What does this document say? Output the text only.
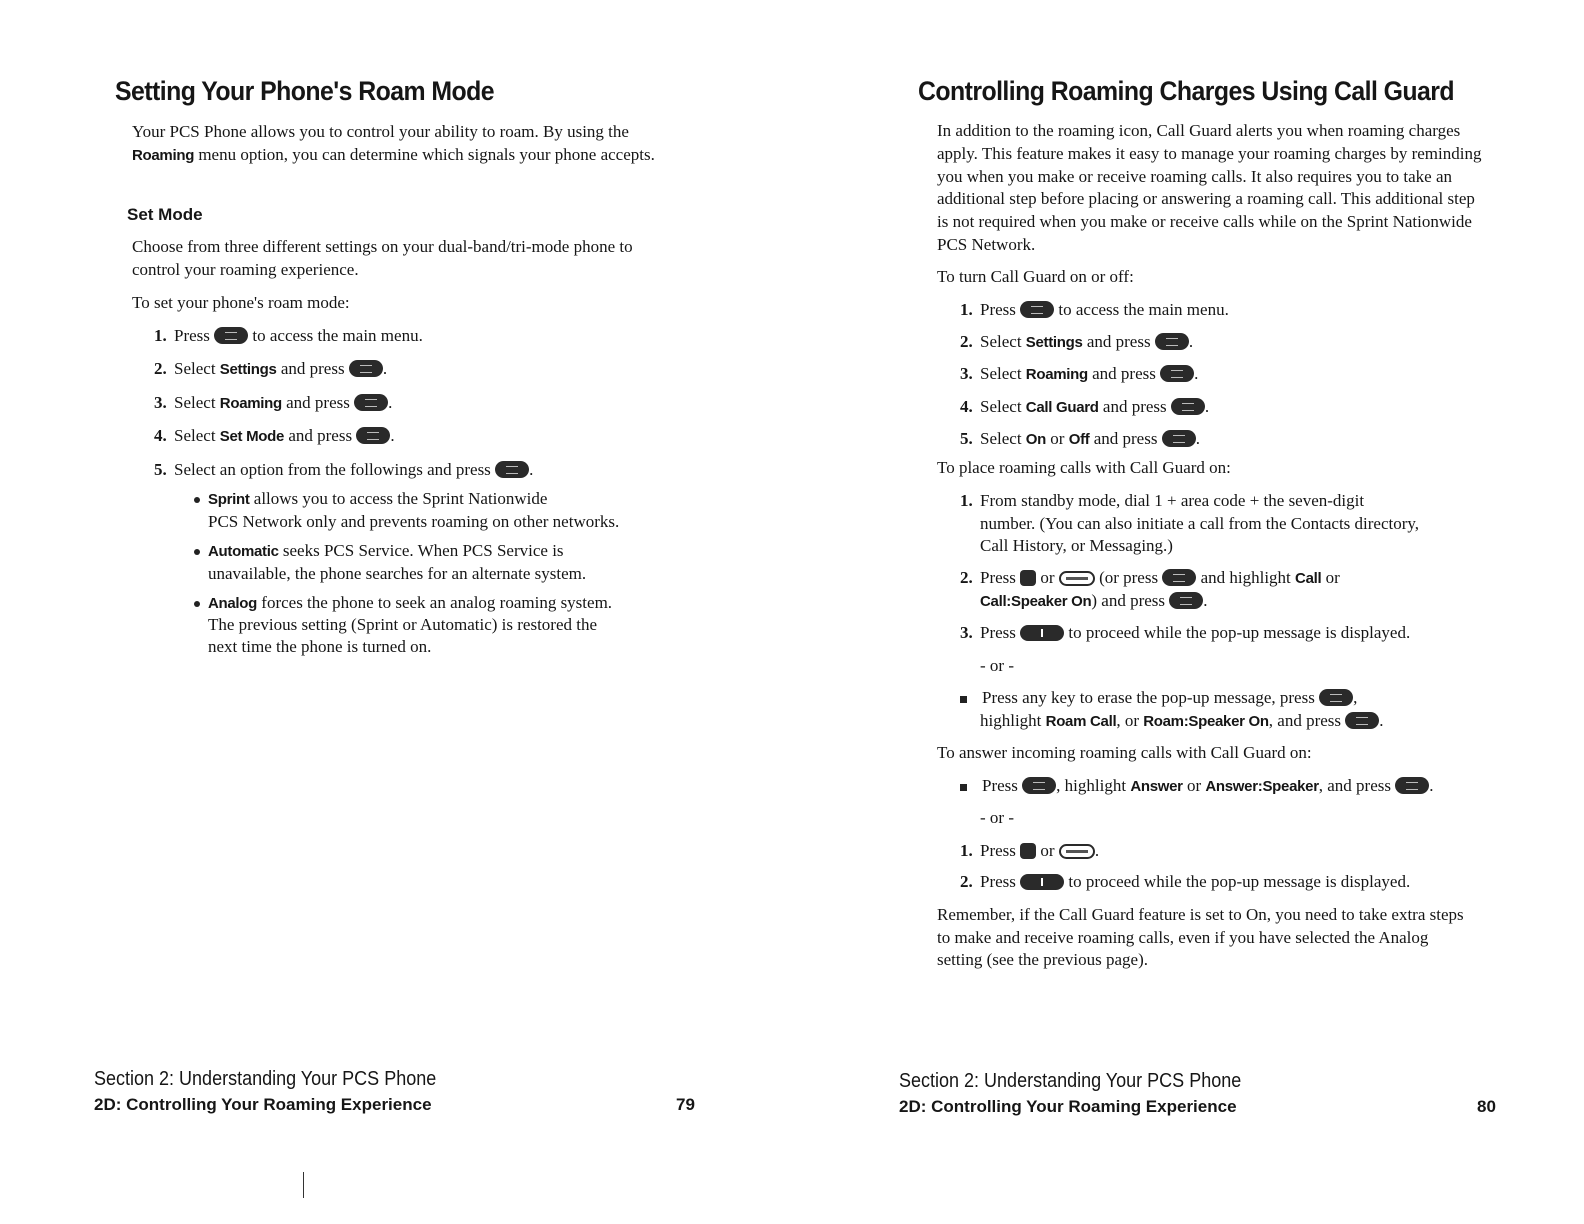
Setting Your Phone's Roam Mode
Your PCS Phone allows you to control your ability to roam. By using the Roaming menu option, you can determine which signals your phone accepts.
Set Mode
Choose from three different settings on your dual-band/tri-mode phone to control your roaming experience.
To set your phone's roam mode:
1. Press  to access the main menu.
2. Select Settings and press .
3. Select Roaming and press .
4. Select Set Mode and press .
5. Select an option from the followings and press .
Sprint allows you to access the Sprint Nationwide
PCS Network only and prevents roaming on other networks.
Automatic seeks PCS Service. When PCS Service is
unavailable, the phone searches for an alternate system.
Analog forces the phone to seek an analog roaming system.
The previous setting (Sprint or Automatic) is restored the
next time the phone is turned on.
Section 2: Understanding Your PCS Phone
2D: Controlling Your Roaming Experience	79
Controlling Roaming Charges Using Call Guard
In addition to the roaming icon, Call Guard alerts you when roaming charges apply. This feature makes it easy to manage your roaming charges by reminding you when you make or receive roaming calls. It also requires you to take an additional step before placing or answering a roaming call. This additional step is not required when you make or receive calls while on the Sprint Nationwide PCS Network.
To turn Call Guard on or off:
1. Press  to access the main menu.
2. Select Settings and press .
3. Select Roaming and press .
4. Select Call Guard and press .
5. Select On or Off and press .
To place roaming calls with Call Guard on:
1. From standby mode, dial 1 + area code + the seven-digit
number. (You can also initiate a call from the Contacts directory,
Call History, or Messaging.)
2. Press  or  (or press  and highlight Call or
Call:Speaker On) and press .
3. Press	to proceed while the pop-up message is displayed.
- or -
Press any key to erase the pop-up message, press ,
highlight Roam Call, or Roam:Speaker On, and press .
To answer incoming roaming calls with Call Guard on:
Press , highlight Answer or Answer:Speaker, and press .
- or -
1. Press  or .
2. Press	to proceed while the pop-up message is displayed.
Remember, if the Call Guard feature is set to On, you need to take extra steps to make and receive roaming calls, even if you have selected the Analog setting (see the previous page).
Section 2: Understanding Your PCS Phone
2D: Controlling Your Roaming Experience	80
